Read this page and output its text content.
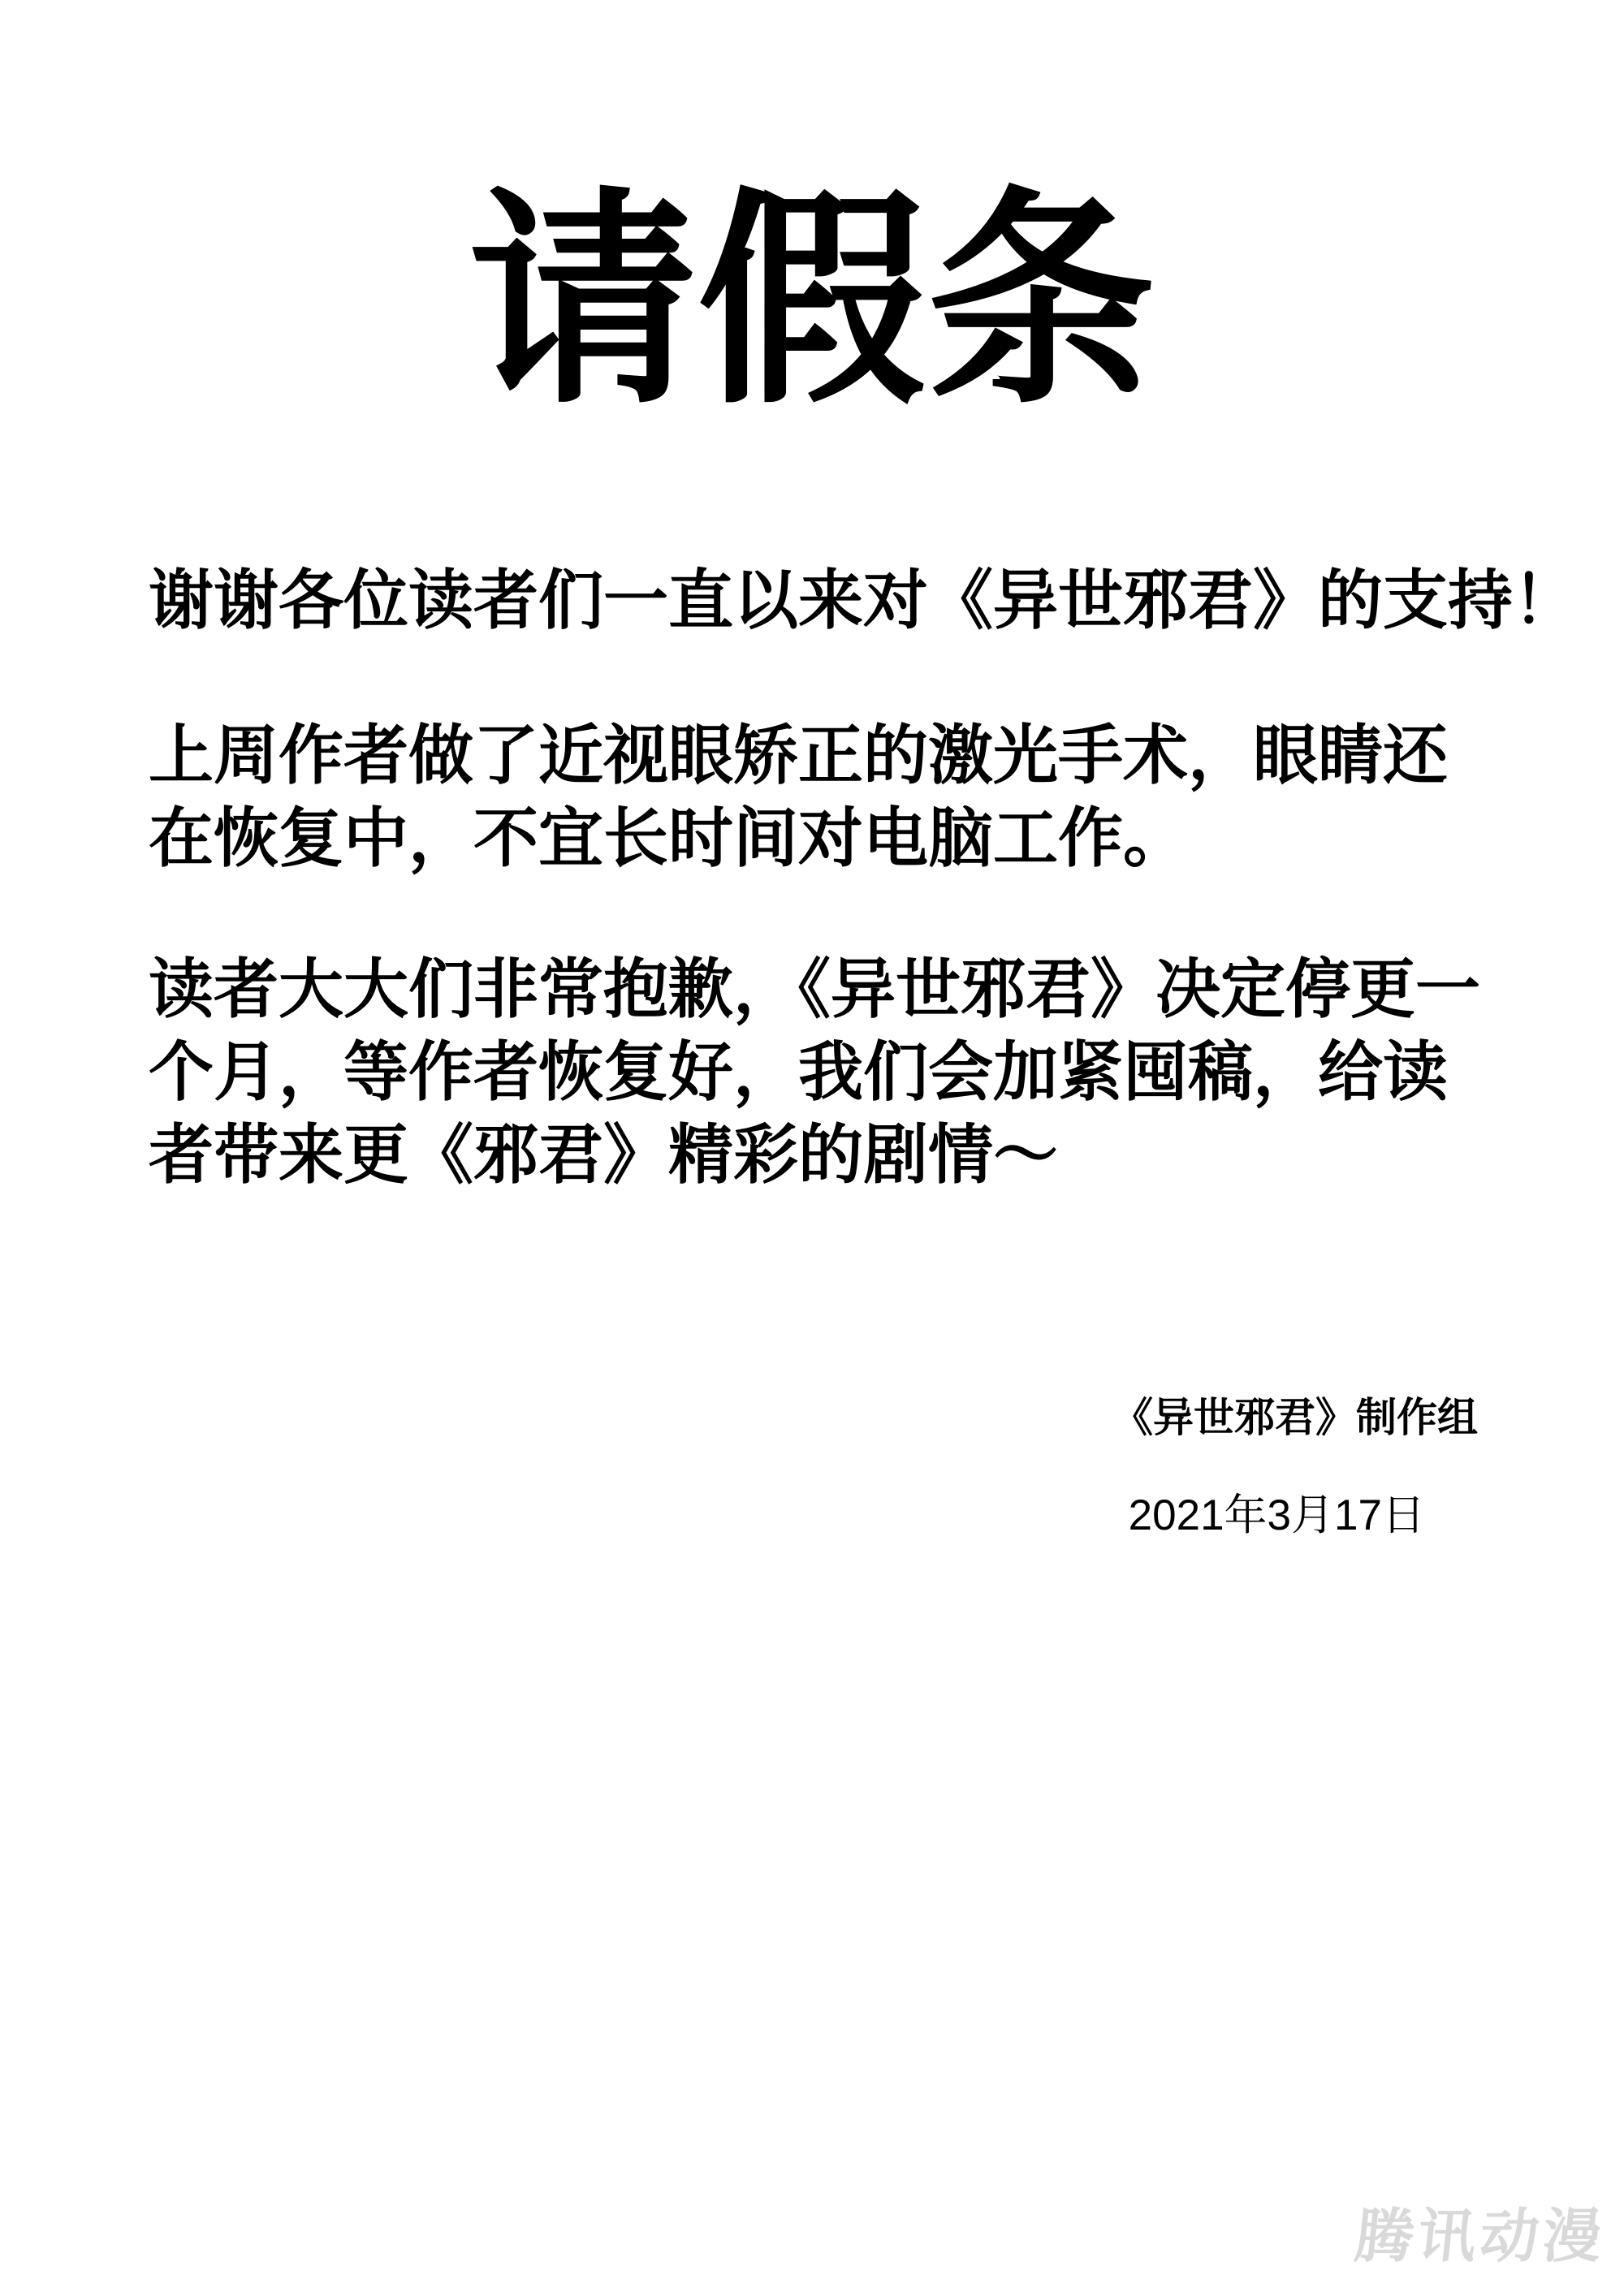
请假条
谢谢各位读者们一直以来对《异世邪君》的支持！
上周作者做了近视眼矫正的激光手术，眼睛还
在恢复中，不宜长时间对电脑工作。
读者大大们非常抱歉，《异世邪君》决定停更一
个月，等作者恢复好，我们会加紧囤稿，给读
者带来更《邪君》精彩的剧情～
《异世邪君》制作组
2021年3月17日
腾讯动漫
